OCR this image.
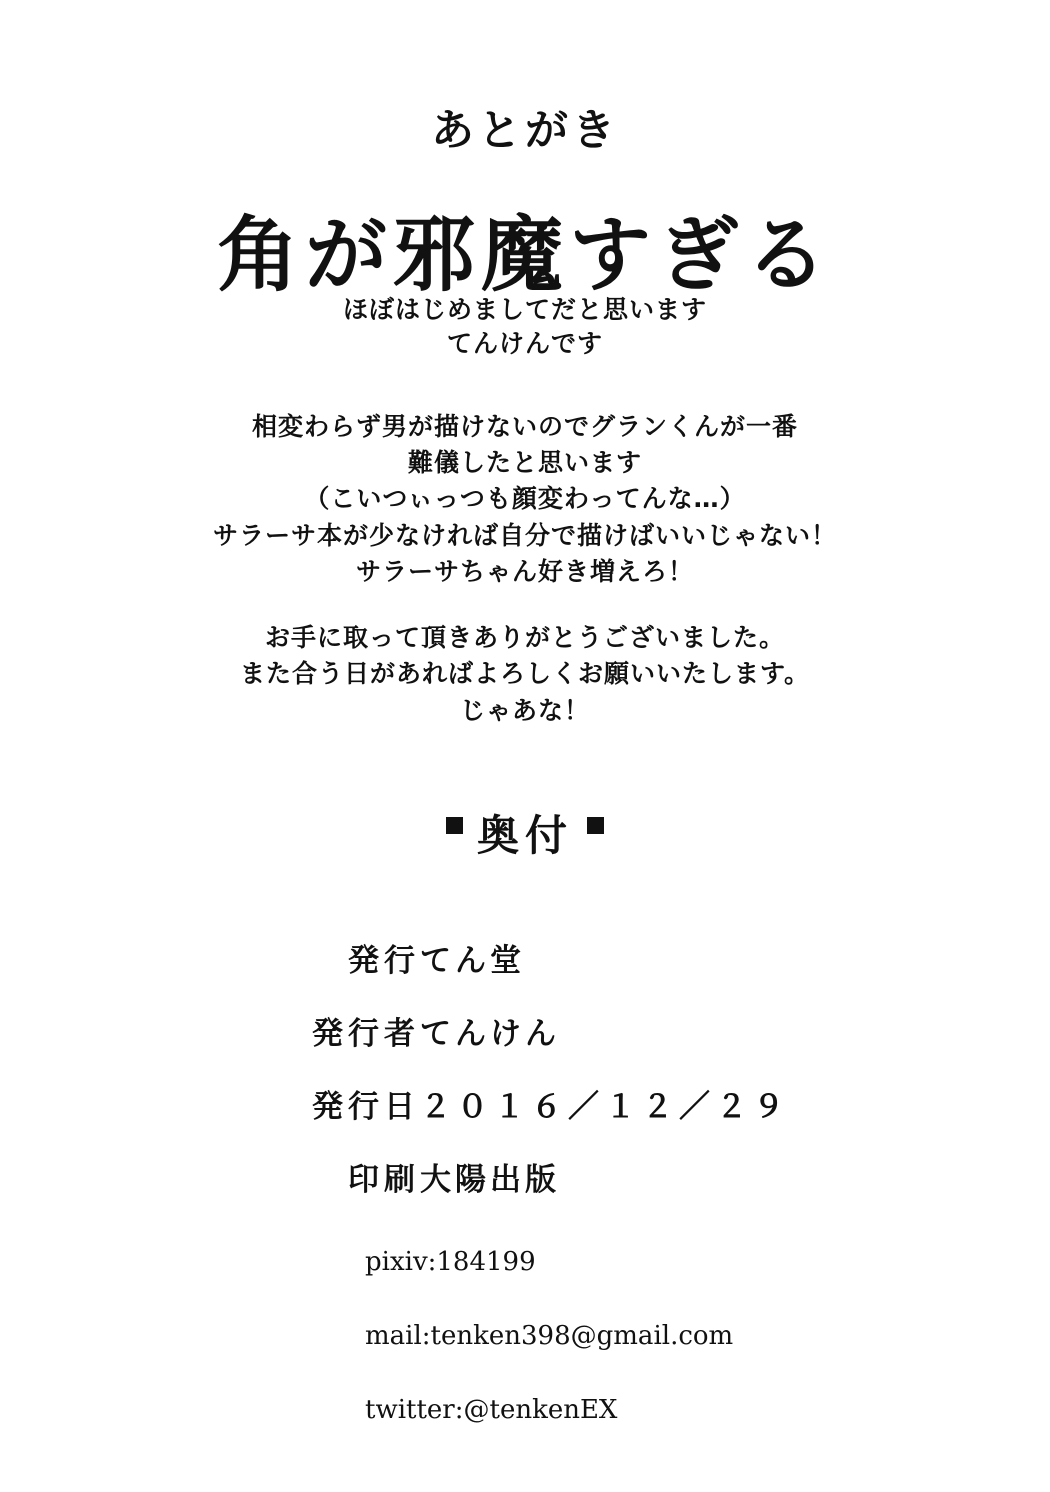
あとがき
角が邪魔すぎる
ほぼはじめましてだと思います
てんけんです
相変わらず男が描けないのでグランくんが一番
難儀したと思います
（こいつぃっつも顔変わってんな…）
サラーサ本が少なければ自分で描けばいいじゃない！
サラーサちゃん好き増えろ！
お手に取って頂きありがとうございました。
また合う日があればよろしくお願いいたします。
じゃあな！
奥付
発行	てん堂
発行者	てんけん
発行日	２０１６／１２／２９
印刷	大陽出版
pixiv:184199
mail:tenken398@gmail.com
twitter:@tenkenEX
